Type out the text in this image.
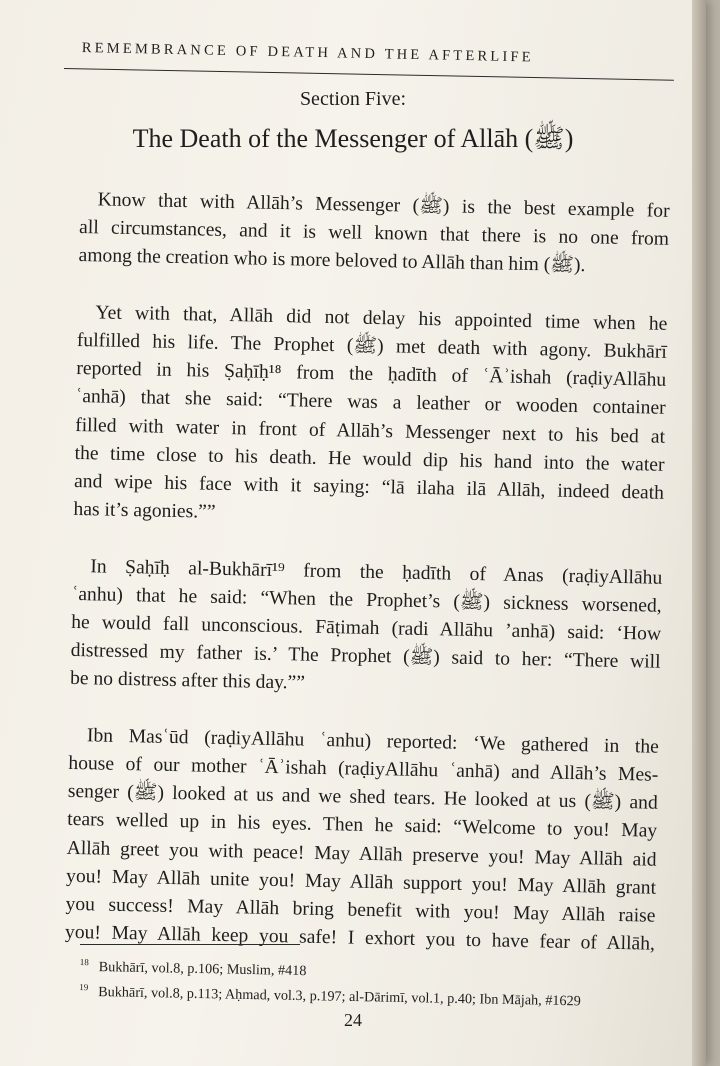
REMEMBRANCE OF DEATH AND THE AFTERLIFE
Section Five:
The Death of the Messenger of Allāh (ﷺ)
Know that with Allāh’s Messenger (ﷺ) is the best example for
all circumstances, and it is well known that there is no one from
among the creation who is more beloved to Allāh than him (ﷺ).
Yet with that, Allāh did not delay his appointed time when he
fulfilled his life. The Prophet (ﷺ) met death with agony. Bukhārī
reported in his Ṣaḥīḥ¹⁸ from the ḥadīth of ʿĀʾishah (raḍiyAllāhu
ʿanhā) that she said: “There was a leather or wooden container
filled with water in front of Allāh’s Messenger next to his bed at
the time close to his death. He would dip his hand into the water
and wipe his face with it saying: “lā ilaha ilā Allāh, indeed death
has it’s agonies.””
In Ṣaḥīḥ al-Bukhārī¹⁹ from the ḥadīth of Anas (raḍiyAllāhu
ʿanhu) that he said: “When the Prophet’s (ﷺ) sickness worsened,
he would fall unconscious. Fāṭimah (radi Allāhu ’anhā) said: ‘How
distressed my father is.’ The Prophet (ﷺ) said to her: “There will
be no distress after this day.””
Ibn Masʿūd (raḍiyAllāhu ʿanhu) reported: ‘We gathered in the
house of our mother ʿĀʾishah (raḍiyAllāhu ʿanhā) and Allāh’s Mes-
senger (ﷺ) looked at us and we shed tears. He looked at us (ﷺ) and
tears welled up in his eyes. Then he said: “Welcome to you! May
Allāh greet you with peace! May Allāh preserve you! May Allāh aid
you! May Allāh unite you! May Allāh support you! May Allāh grant
you success! May Allāh bring benefit with you! May Allāh raise
you! May Allāh keep you safe! I exhort you to have fear of Allāh,
$^{18}$ Bukhārī, vol.8, p.106; Muslim, #418
$^{19}$ Bukhārī, vol.8, p.113; Aḥmad, vol.3, p.197; al-Dārimī, vol.1, p.40; Ibn Mājah, #1629
24
